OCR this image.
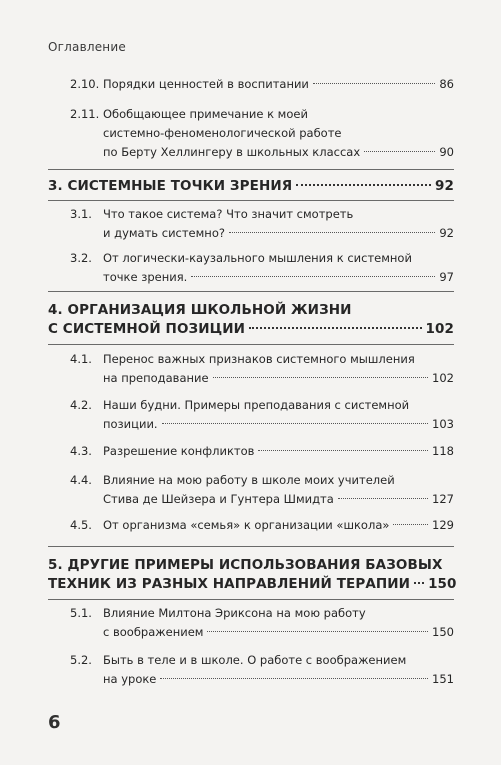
Оглавление
2.10. Порядки ценностей в воспитании	86
2.11. Обобщающее примечание к моей
системно-феноменологической работе
по Берту Хеллингеру в школьных классах	90
3. СИСТЕМНЫЕ ТОЧКИ ЗРЕНИЯ	92
3.1. Что такое система? Что значит смотреть
и думать системно?	92
3.2. От логически-каузального мышления к системной
точке зрения.	97
4. ОРГАНИЗАЦИЯ ШКОЛЬНОЙ ЖИЗНИ
С СИСТЕМНОЙ ПОЗИЦИИ	102
4.1. Перенос важных признаков системного мышления
на преподавание	102
4.2. Наши будни. Примеры преподавания с системной
позиции.	103
4.3. Разрешение конфликтов	118
4.4. Влияние на мою работу в школе моих учителей
Стива де Шейзера и Гунтера Шмидта	127
4.5. От организма «семья» к организации «школа»	129
5. ДРУГИЕ ПРИМЕРЫ ИСПОЛЬЗОВАНИЯ БАЗОВЫХ
ТЕХНИК ИЗ РАЗНЫХ НАПРАВЛЕНИЙ ТЕРАПИИ 150
5.1. Влияние Милтона Эриксона на мою работу
с воображением	150
5.2. Быть в теле и в школе. О работе с воображением
на уроке	151
6
